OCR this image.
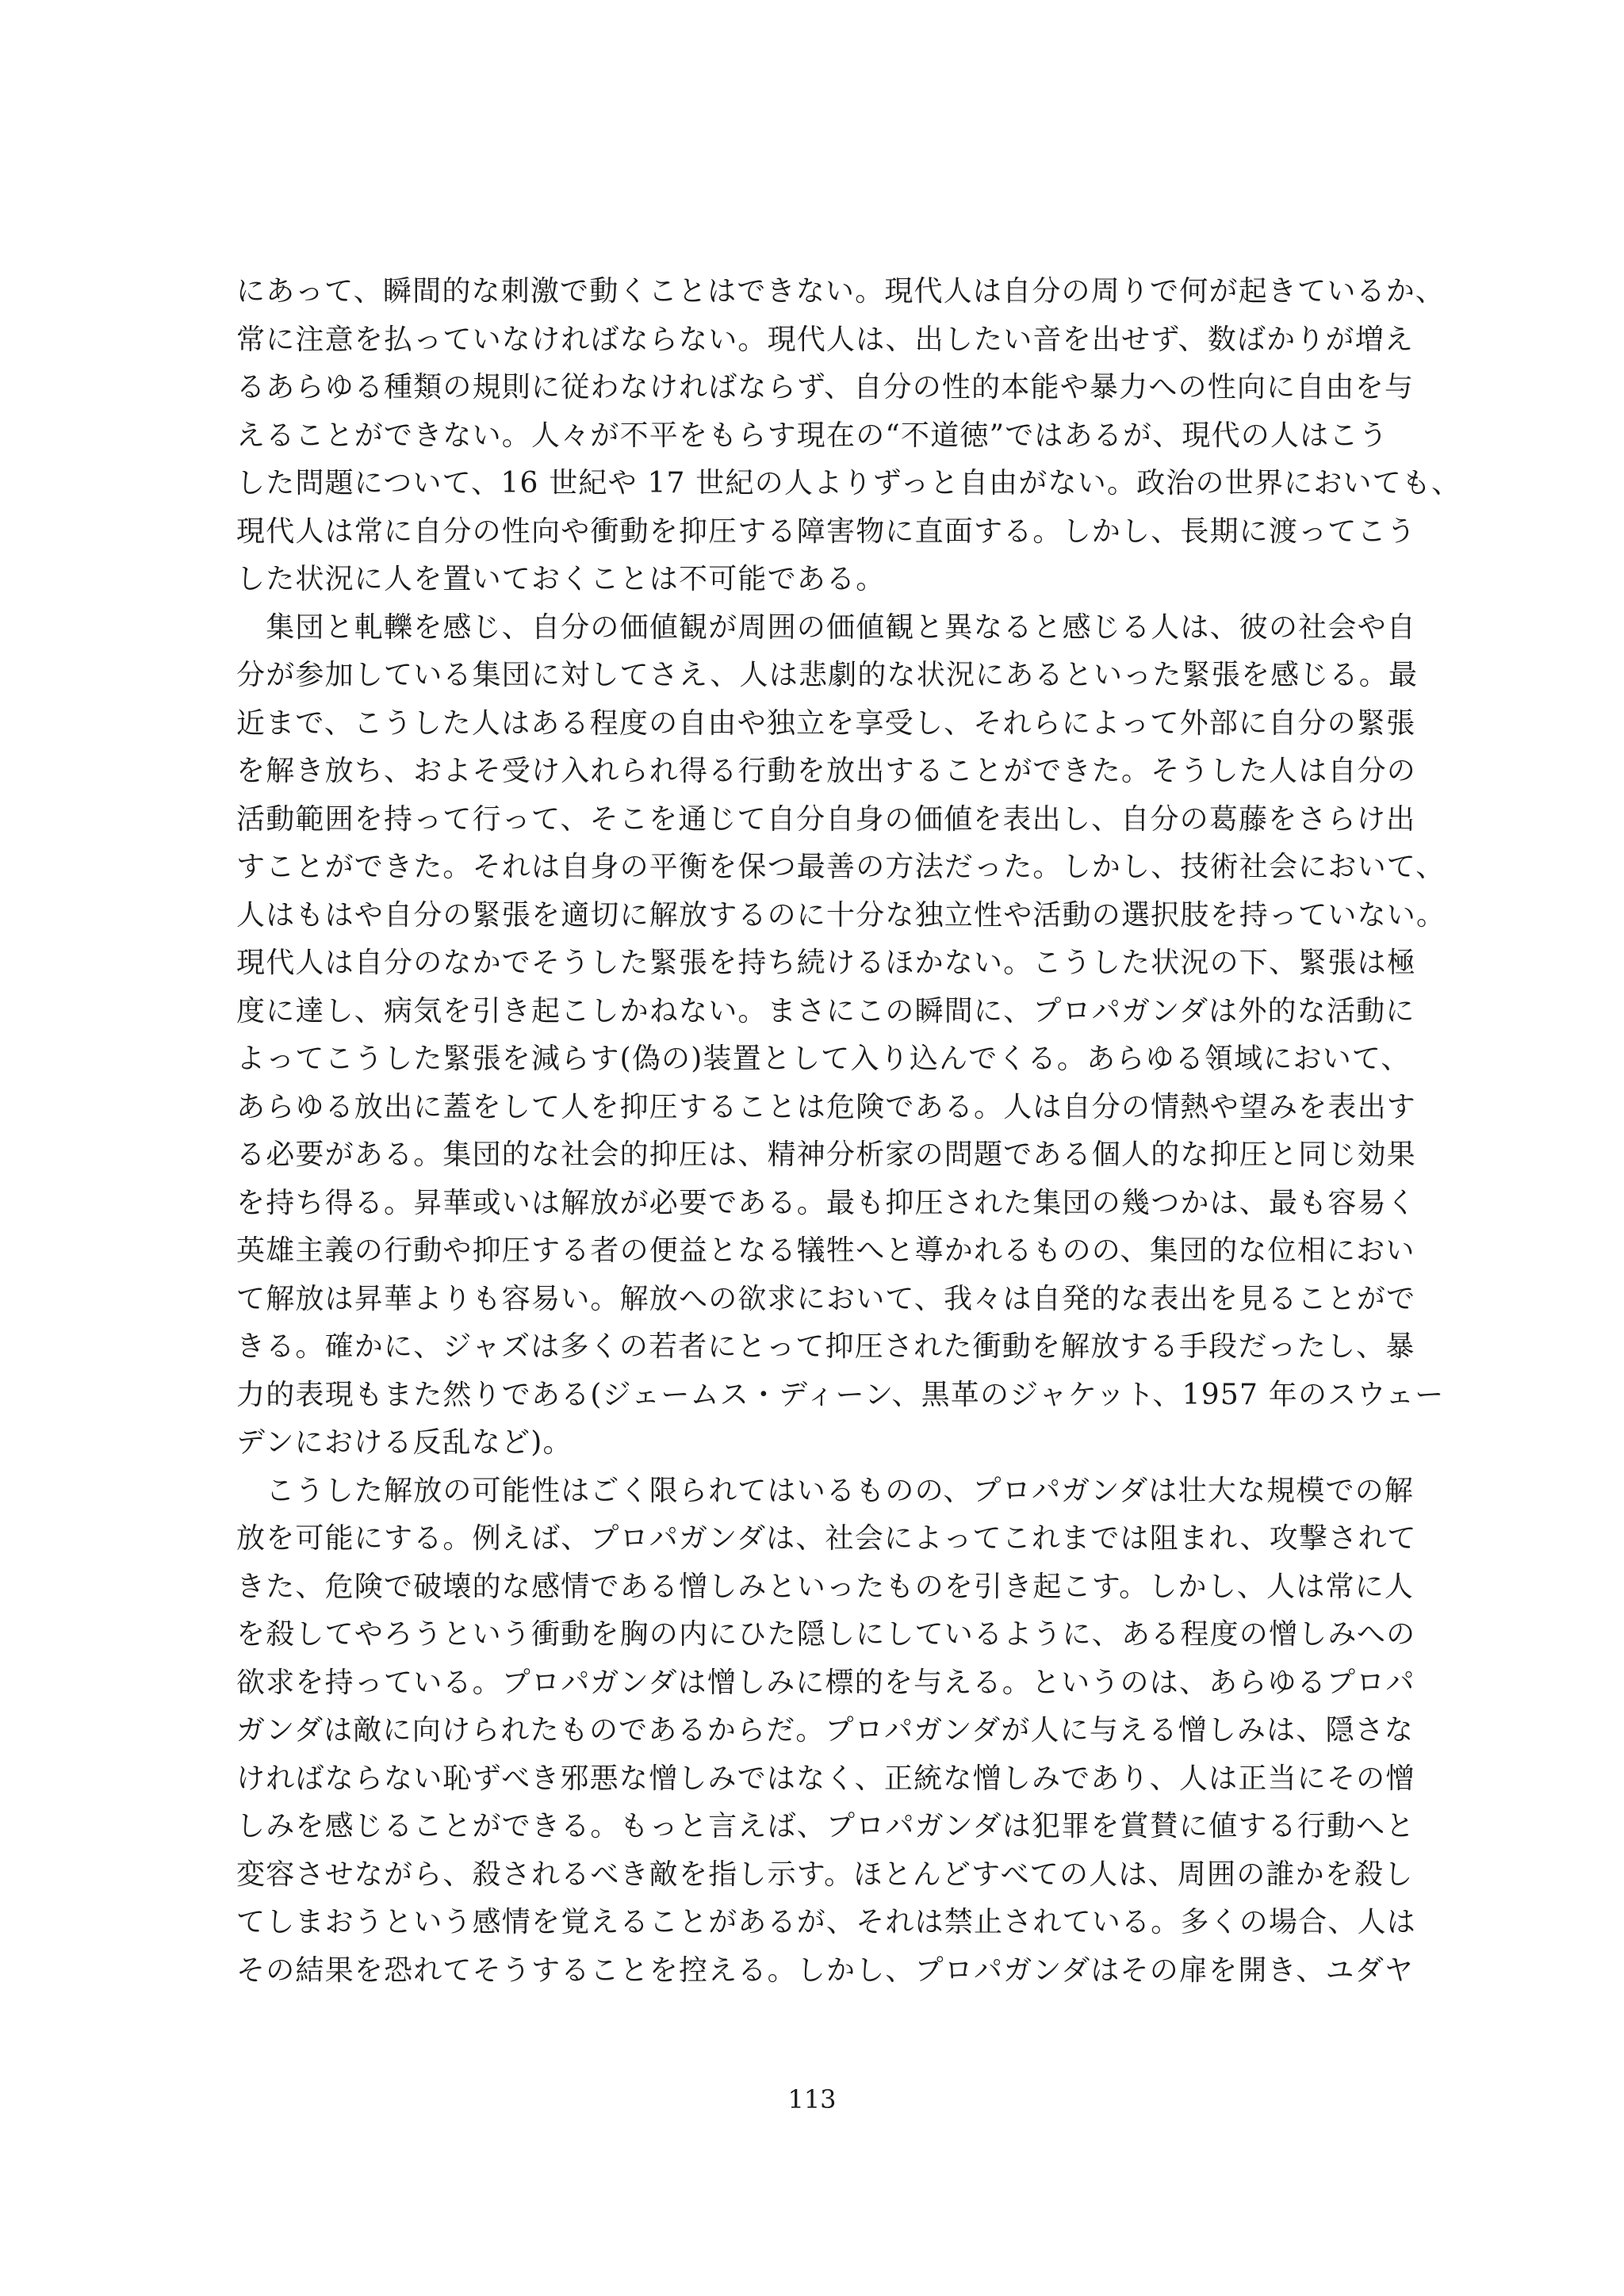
にあって、瞬間的な刺激で動くことはできない。現代人は自分の周りで何が起きているか、
常に注意を払っていなければならない。現代人は、出したい音を出せず、数ばかりが増え
るあらゆる種類の規則に従わなければならず、自分の性的本能や暴力への性向に自由を与
えることができない。人々が不平をもらす現在の“不道徳”ではあるが、現代の人はこう
した問題について、16 世紀や 17 世紀の人よりずっと自由がない。政治の世界においても、
現代人は常に自分の性向や衝動を抑圧する障害物に直面する。しかし、長期に渡ってこう
した状況に人を置いておくことは不可能である。
　集団と軋轢を感じ、自分の価値観が周囲の価値観と異なると感じる人は、彼の社会や自
分が参加している集団に対してさえ、人は悲劇的な状況にあるといった緊張を感じる。最
近まで、こうした人はある程度の自由や独立を享受し、それらによって外部に自分の緊張
を解き放ち、およそ受け入れられ得る行動を放出することができた。そうした人は自分の
活動範囲を持って行って、そこを通じて自分自身の価値を表出し、自分の葛藤をさらけ出
すことができた。それは自身の平衡を保つ最善の方法だった。しかし、技術社会において、
人はもはや自分の緊張を適切に解放するのに十分な独立性や活動の選択肢を持っていない。
現代人は自分のなかでそうした緊張を持ち続けるほかない。こうした状況の下、緊張は極
度に達し、病気を引き起こしかねない。まさにこの瞬間に、プロパガンダは外的な活動に
よってこうした緊張を減らす(偽の)装置として入り込んでくる。あらゆる領域において、
あらゆる放出に蓋をして人を抑圧することは危険である。人は自分の情熱や望みを表出す
る必要がある。集団的な社会的抑圧は、精神分析家の問題である個人的な抑圧と同じ効果
を持ち得る。昇華或いは解放が必要である。最も抑圧された集団の幾つかは、最も容易く
英雄主義の行動や抑圧する者の便益となる犠牲へと導かれるものの、集団的な位相におい
て解放は昇華よりも容易い。解放への欲求において、我々は自発的な表出を見ることがで
きる。確かに、ジャズは多くの若者にとって抑圧された衝動を解放する手段だったし、暴
力的表現もまた然りである(ジェームス・ディーン、黒革のジャケット、1957 年のスウェー
デンにおける反乱など)。
　こうした解放の可能性はごく限られてはいるものの、プロパガンダは壮大な規模での解
放を可能にする。例えば、プロパガンダは、社会によってこれまでは阻まれ、攻撃されて
きた、危険で破壊的な感情である憎しみといったものを引き起こす。しかし、人は常に人
を殺してやろうという衝動を胸の内にひた隠しにしているように、ある程度の憎しみへの
欲求を持っている。プロパガンダは憎しみに標的を与える。というのは、あらゆるプロパ
ガンダは敵に向けられたものであるからだ。プロパガンダが人に与える憎しみは、隠さな
ければならない恥ずべき邪悪な憎しみではなく、正統な憎しみであり、人は正当にその憎
しみを感じることができる。もっと言えば、プロパガンダは犯罪を賞賛に値する行動へと
変容させながら、殺されるべき敵を指し示す。ほとんどすべての人は、周囲の誰かを殺し
てしまおうという感情を覚えることがあるが、それは禁止されている。多くの場合、人は
その結果を恐れてそうすることを控える。しかし、プロパガンダはその扉を開き、ユダヤ
113
